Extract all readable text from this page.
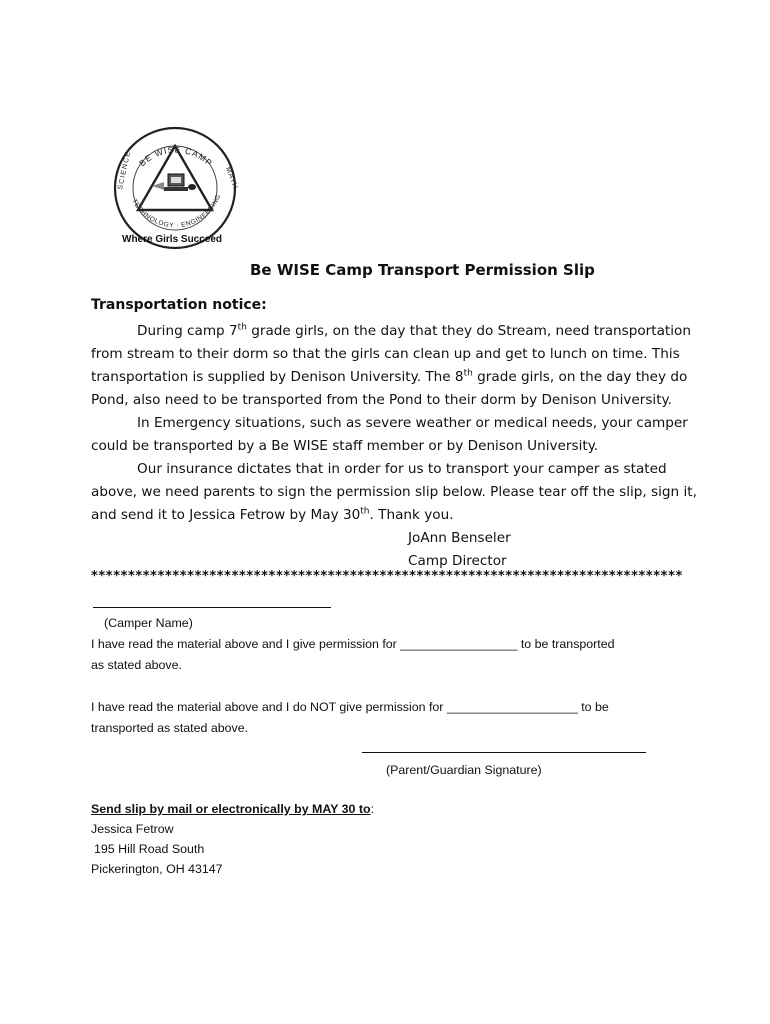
BE WISE CAMP
SCIENCE	MATH
TECHNOLOGY · ENGINEERING
Where Girls Succeed
Be WISE Camp Transport Permission Slip
Transportation notice:
During camp 7th grade girls, on the day that they do Stream, need transportation
from stream to their dorm so that the girls can clean up and get to lunch on time. This
transportation is supplied by Denison University. The 8th grade girls, on the day they do
Pond, also need to be transported from the Pond to their dorm by Denison University.
In Emergency situations, such as severe weather or medical needs, your camper
could be transported by a Be WISE staff member or by Denison University.
Our insurance dictates that in order for us to transport your camper as stated
above, we need parents to sign the permission slip below. Please tear off the slip, sign it,
and send it to Jessica Fetrow by May 30th. Thank you.
JoAnn Benseler
Camp Director
********************************************************************************
(Camper Name)
I have read the material above and I give permission for _________________ to be transported
as stated above.
I have read the material above and I do NOT give permission for ___________________ to be
transported as stated above.
(Parent/Guardian Signature)
Send slip by mail or electronically by MAY 30 to:
Jessica Fetrow
195 Hill Road South
Pickerington, OH 43147
